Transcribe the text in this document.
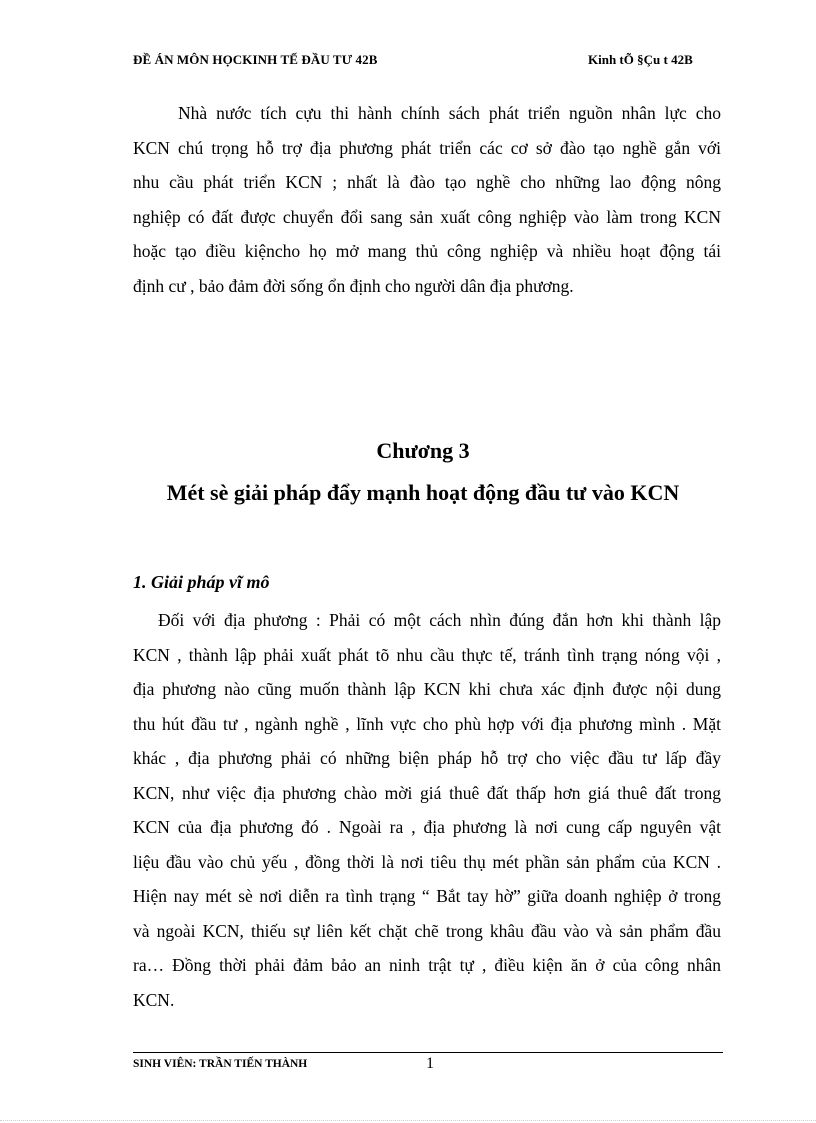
ĐỀ ÁN MÔN HỌCKINH TẾ ĐẦU TƯ 42B	Kinh tÕ §Çu t 42B
Nhà nước tích cựu thi hành chính sách phát triển nguồn nhân lực cho
KCN chú trọng hỗ trợ địa phương phát triển các cơ sở đào tạo nghề gắn với
nhu cầu phát triển KCN ; nhất là đào tạo nghề cho những lao động nông
nghiệp có đất được chuyển đổi sang sản xuất công nghiệp vào làm trong KCN
hoặc tạo điều kiệncho họ mở mang thủ công nghiệp và nhiều hoạt động tái
định cư , bảo đảm đời sống ổn định cho người dân địa phương.
Chương 3
Mét sè giải pháp đẩy mạnh hoạt động đầu tư vào KCN
1. Giải pháp vĩ mô
Đối với địa phương : Phải có một cách nhìn đúng đắn hơn khi thành lập
KCN , thành lập phải xuất phát tõ nhu cầu thực tế, tránh tình trạng nóng vội ,
địa phương nào cũng muốn thành lập KCN khi chưa xác định được nội dung
thu hút đầu tư , ngành nghề , lĩnh vực cho phù hợp với địa phương mình . Mặt
khác , địa phương phải có những biện pháp hỗ trợ cho việc đầu tư lấp đầy
KCN, như việc địa phương chào mời giá thuê đất thấp hơn giá thuê đất trong
KCN của địa phương đó . Ngoài ra , địa phương là nơi cung cấp nguyên vật
liệu đầu vào chủ yếu , đồng thời là nơi tiêu thụ mét phần sản phẩm của KCN .
Hiện nay mét sè nơi diễn ra tình trạng “ Bắt tay hờ” giữa doanh nghiệp ở trong
và ngoài KCN, thiếu sự liên kết chặt chẽ trong khâu đầu vào và sản phẩm đầu
ra… Đồng thời phải đảm bảo an ninh trật tự , điều kiện ăn ở của công nhân
KCN.
SINH VIÊN: TRẦN TIẾN THÀNH	1
